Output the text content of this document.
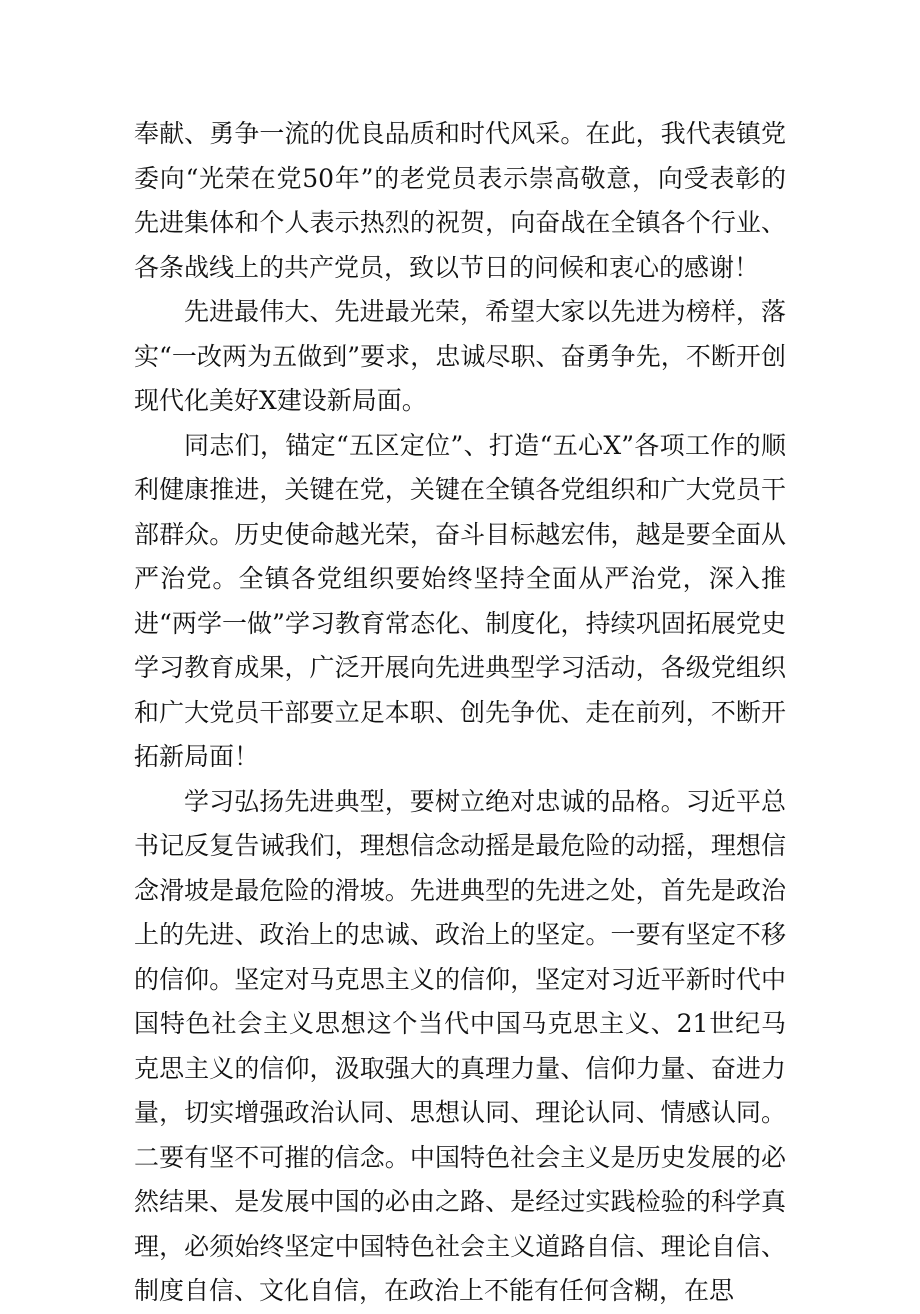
奉献、勇争一流的优良品质和时代风采。在此，我代表镇党委向“光荣在党50年”的老党员表示崇高敬意，向受表彰的先进集体和个人表示热烈的祝贺，向奋战在全镇各个行业、各条战线上的共产党员，致以节日的问候和衷心的感谢！

先进最伟大、先进最光荣，希望大家以先进为榜样，落实“一改两为五做到”要求，忠诚尽职、奋勇争先，不断开创现代化美好X建设新局面。

同志们，锚定“五区定位”、打造“五心X”各项工作的顺利健康推进，关键在党，关键在全镇各党组织和广大党员干部群众。历史使命越光荣，奋斗目标越宏伟，越是要全面从严治党。全镇各党组织要始终坚持全面从严治党，深入推进“两学一做”学习教育常态化、制度化，持续巩固拓展党史学习教育成果，广泛开展向先进典型学习活动，各级党组织和广大党员干部要立足本职、创先争优、走在前列，不断开拓新局面！

学习弘扬先进典型，要树立绝对忠诚的品格。习近平总书记反复告诫我们，理想信念动摇是最危险的动摇，理想信念滑坡是最危险的滑坡。先进典型的先进之处，首先是政治上的先进、政治上的忠诚、政治上的坚定。一要有坚定不移的信仰。坚定对马克思主义的信仰，坚定对习近平新时代中国特色社会主义思想这个当代中国马克思主义、21世纪马克思主义的信仰，汲取强大的真理力量、信仰力量、奋进力量，切实增强政治认同、思想认同、理论认同、情感认同。二要有坚不可摧的信念。中国特色社会主义是历史发展的必然结果、是发展中国的必由之路、是经过实践检验的科学真理，必须始终坚定中国特色社会主义道路自信、理论自信、制度自信、文化自信，在政治上不能有任何含糊，在思
